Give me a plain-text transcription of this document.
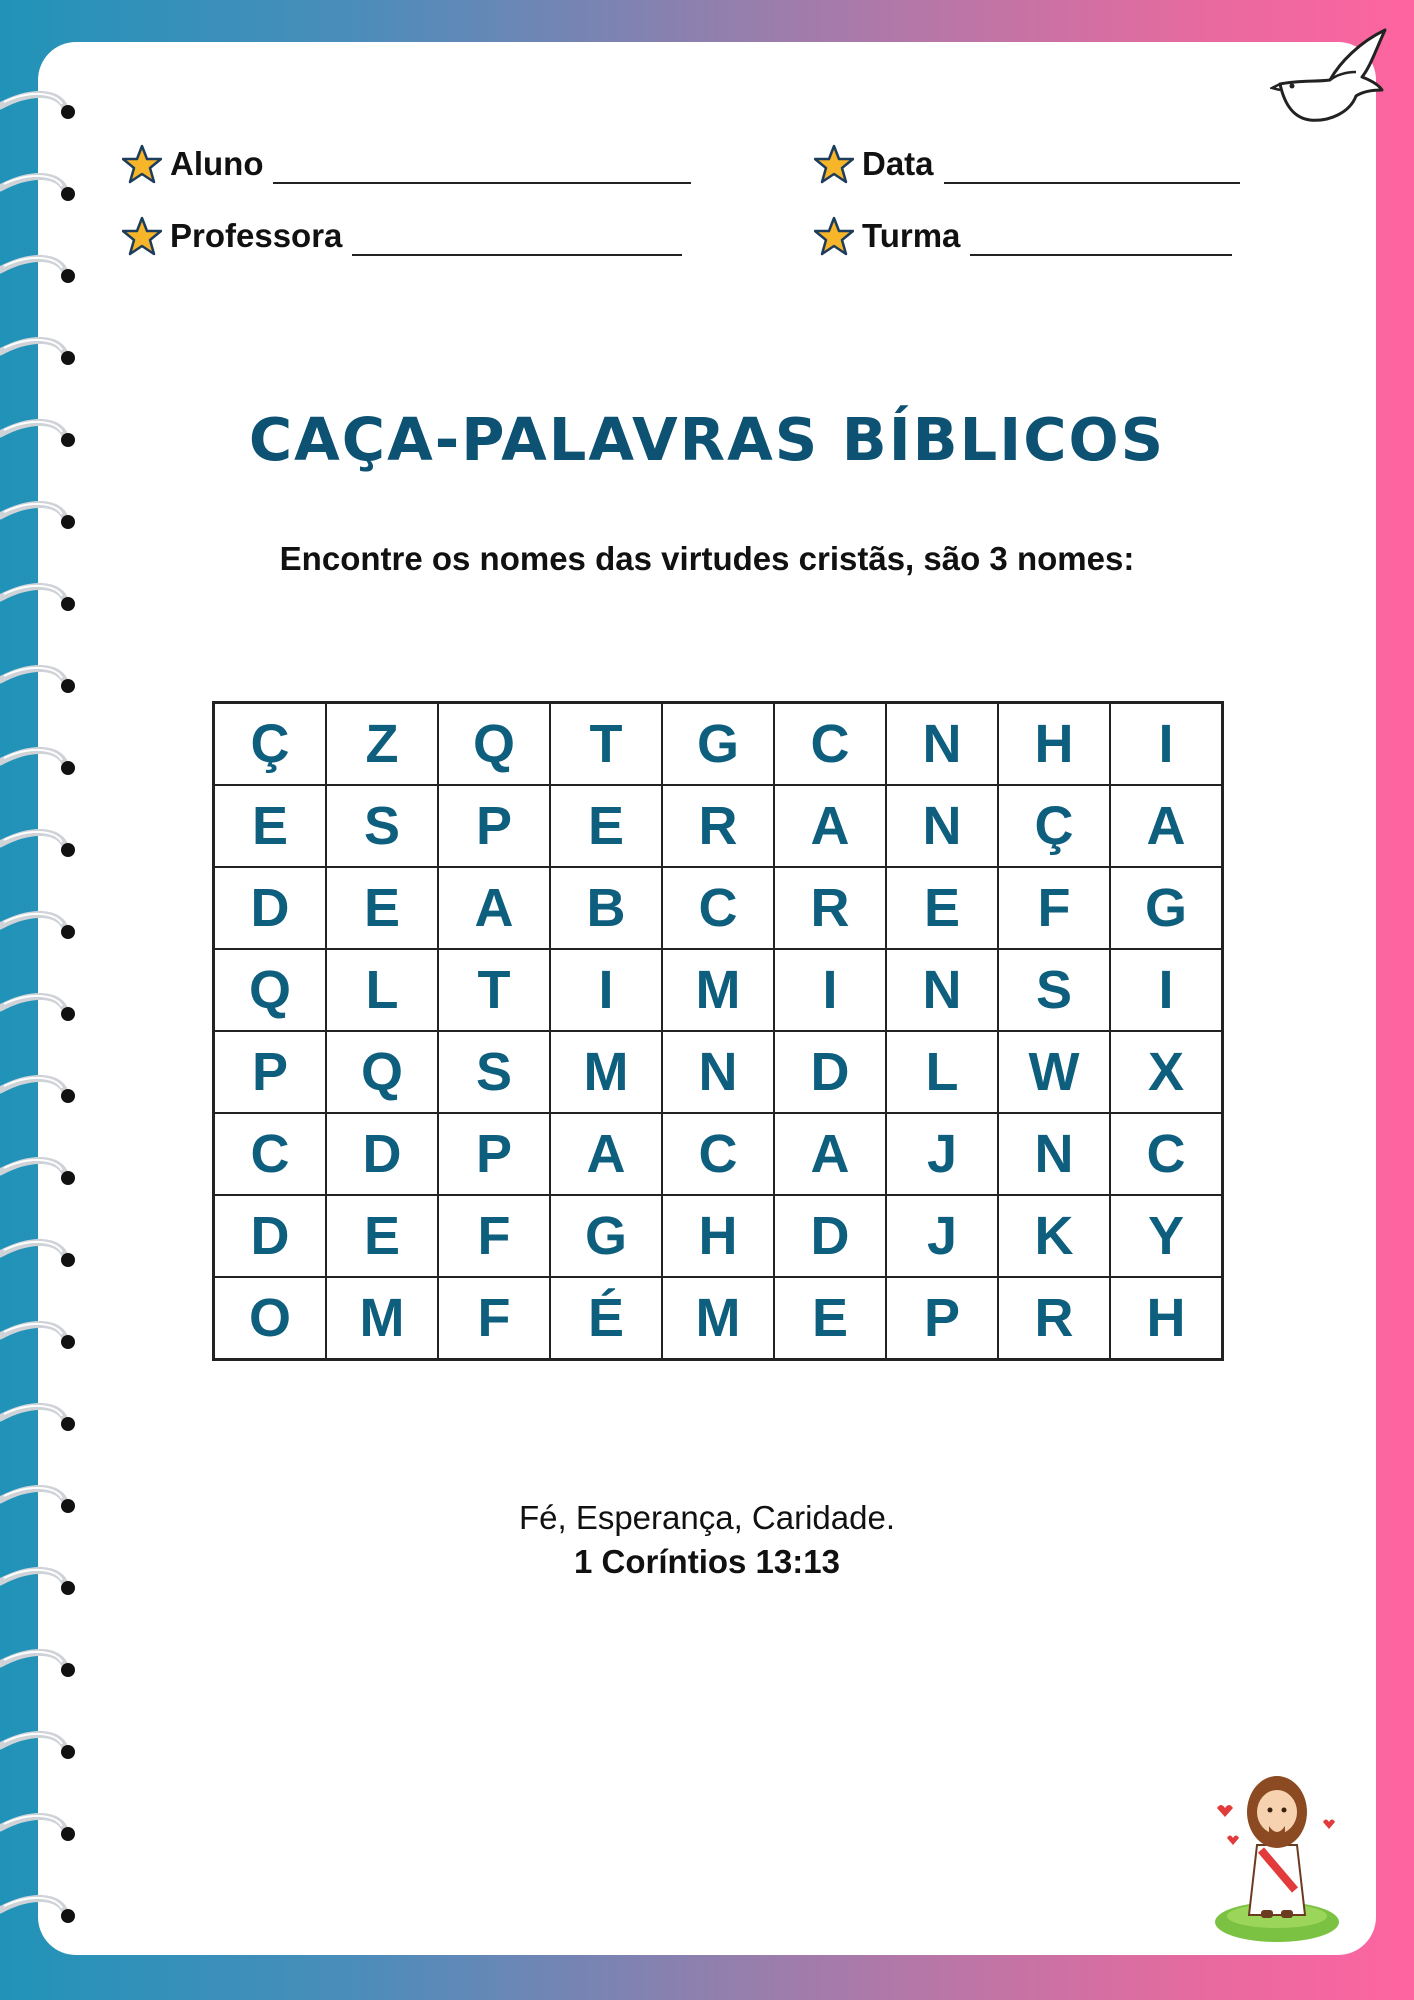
Aluno	Data
Professora	Turma
CAÇA-PALAVRAS BÍBLICOS
Encontre os nomes das virtudes cristãs, são 3 nomes:
Ç	Z	Q	T	G	C	N	H	I
E	S	P	E	R	A	N	Ç	A
D	E	A	B	C	R	E	F	G
Q	L	T	I	M	I	N	S	I
P	Q	S	M	N	D	L	W	X
C	D	P	A	C	A	J	N	C
D	E	F	G	H	D	J	K	Y
O	M	F	É	M	E	P	R	H
Fé, Esperança, Caridade.
1 Coríntios 13:13
